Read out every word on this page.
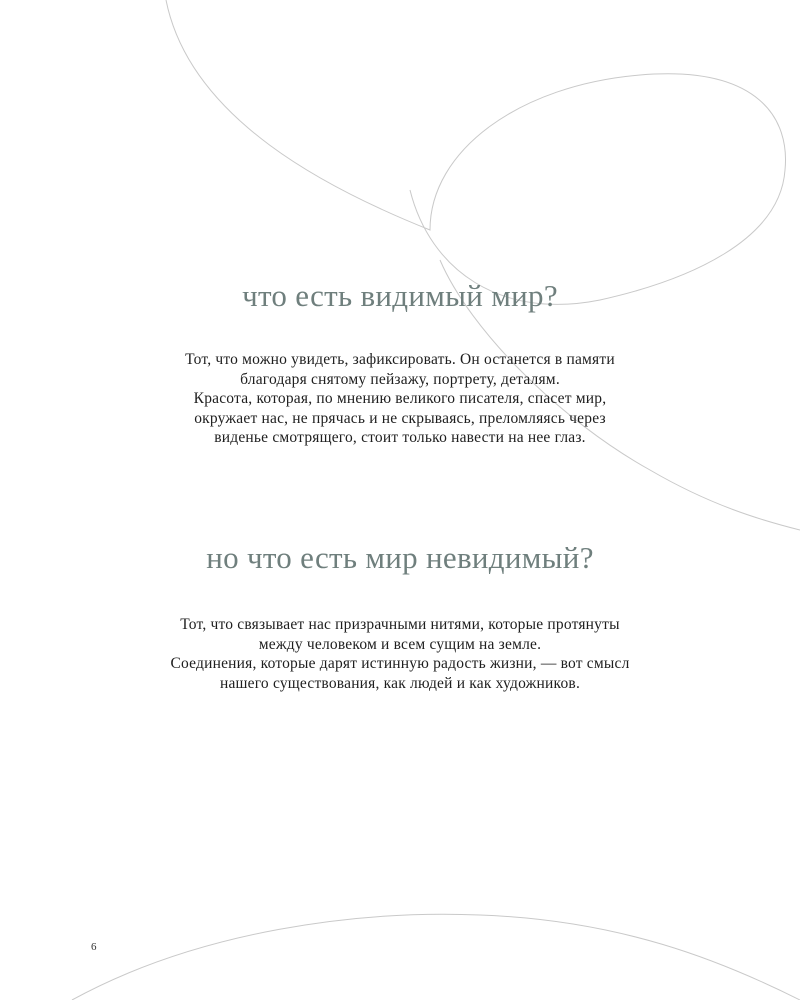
что есть видимый мир?
Тот, что можно увидеть, зафиксировать. Он останется в памяти
благодаря снятому пейзажу, портрету, деталям.
Красота, которая, по мнению великого писателя, спасет мир,
окружает нас, не прячась и не скрываясь, преломляясь через
виденье смотрящего, стоит только навести на нее глаз.
но что есть мир невидимый?
Тот, что связывает нас призрачными нитями, которые протянуты
между человеком и всем сущим на земле.
Соединения, которые дарят истинную радость жизни, — вот смысл
нашего существования, как людей и как художников.
6
